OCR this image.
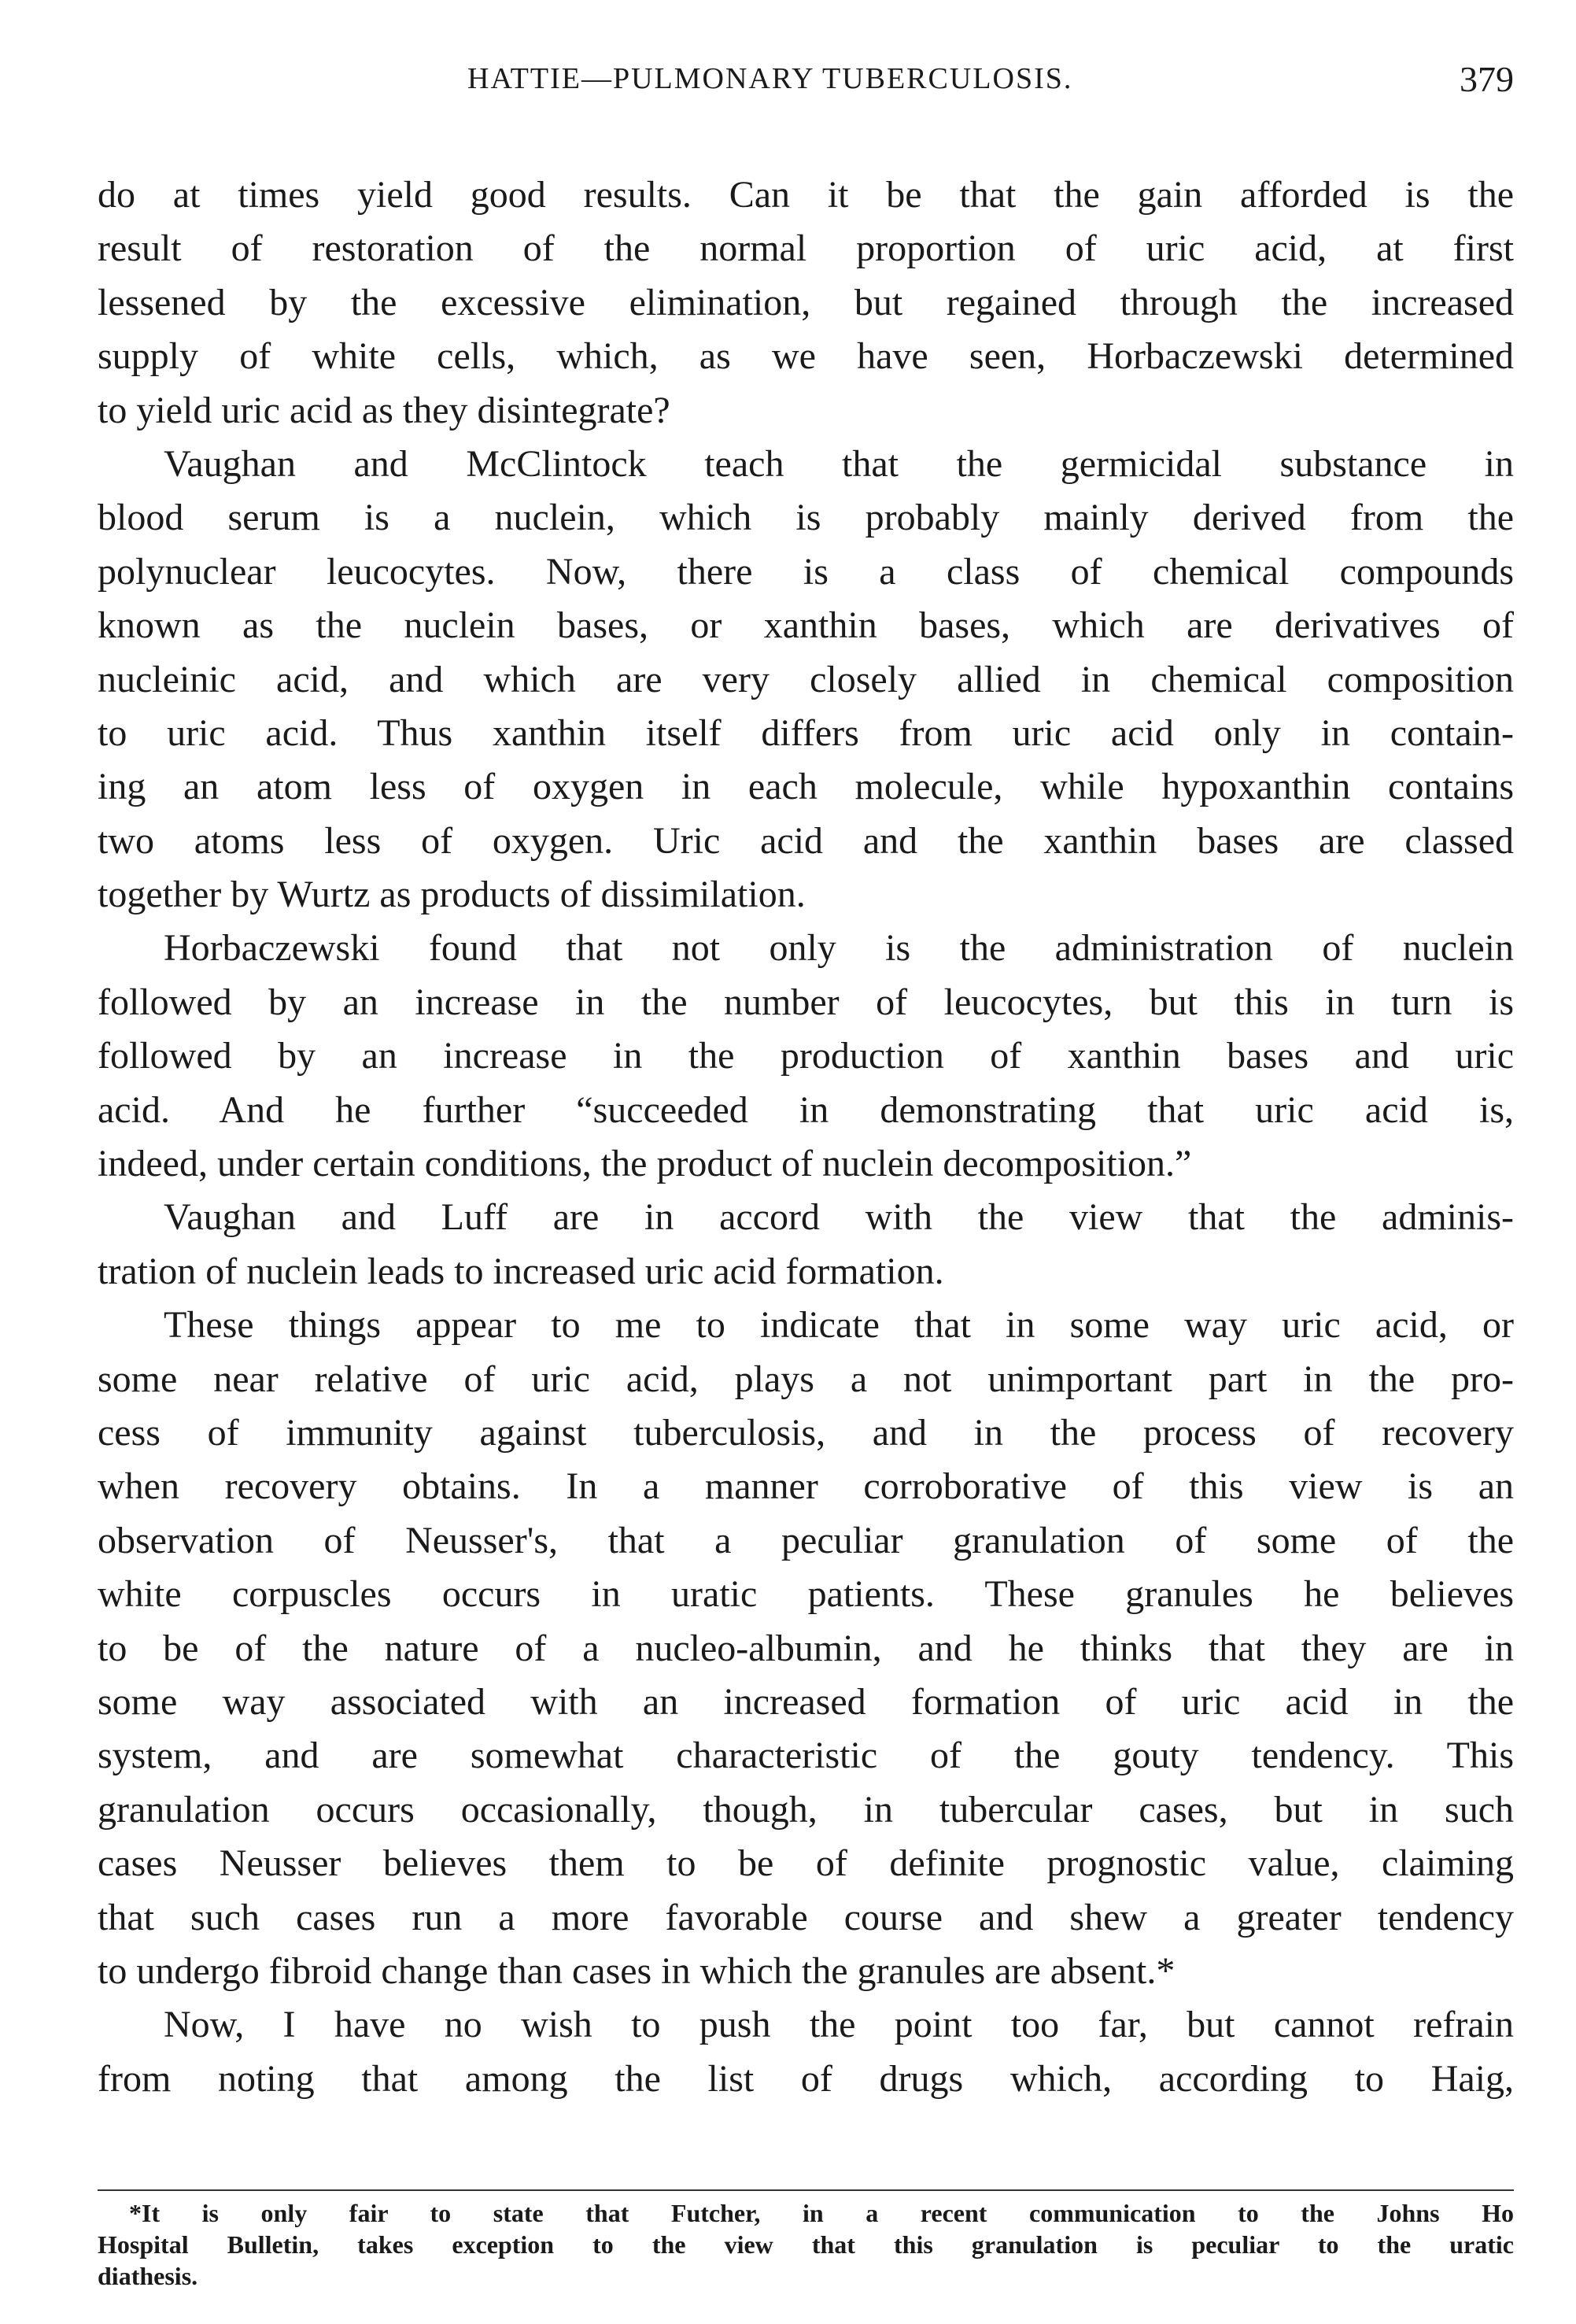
HATTIE—PULMONARY TUBERCULOSIS.	379
do at times yield good results. Can it be that the gain afforded is the
result of restoration of the normal proportion of uric acid, at first
lessened by the excessive elimination, but regained through the increased
supply of white cells, which, as we have seen, Horbaczewski determined
to yield uric acid as they disintegrate?
Vaughan and McClintock teach that the germicidal substance in
blood serum is a nuclein, which is probably mainly derived from the
polynuclear leucocytes. Now, there is a class of chemical compounds
known as the nuclein bases, or xanthin bases, which are derivatives of
nucleinic acid, and which are very closely allied in chemical composition
to uric acid. Thus xanthin itself differs from uric acid only in contain-
ing an atom less of oxygen in each molecule, while hypoxanthin contains
two atoms less of oxygen. Uric acid and the xanthin bases are classed
together by Wurtz as products of dissimilation.
Horbaczewski found that not only is the administration of nuclein
followed by an increase in the number of leucocytes, but this in turn is
followed by an increase in the production of xanthin bases and uric
acid. And he further “succeeded in demonstrating that uric acid is,
indeed, under certain conditions, the product of nuclein decomposition.”
Vaughan and Luff are in accord with the view that the adminis-
tration of nuclein leads to increased uric acid formation.
These things appear to me to indicate that in some way uric acid, or
some near relative of uric acid, plays a not unimportant part in the pro-
cess of immunity against tuberculosis, and in the process of recovery
when recovery obtains. In a manner corroborative of this view is an
observation of Neusser's, that a peculiar granulation of some of the
white corpuscles occurs in uratic patients. These granules he believes
to be of the nature of a nucleo-albumin, and he thinks that they are in
some way associated with an increased formation of uric acid in the
system, and are somewhat characteristic of the gouty tendency. This
granulation occurs occasionally, though, in tubercular cases, but in such
cases Neusser believes them to be of definite prognostic value, claiming
that such cases run a more favorable course and shew a greater tendency
to undergo fibroid change than cases in which the granules are absent.*
Now, I have no wish to push the point too far, but cannot refrain
from noting that among the list of drugs which, according to Haig,
*It is only fair to state that Futcher, in a recent communication to the Johns Ho
Hospital Bulletin, takes exception to the view that this granulation is peculiar to the uratic
diathesis.
